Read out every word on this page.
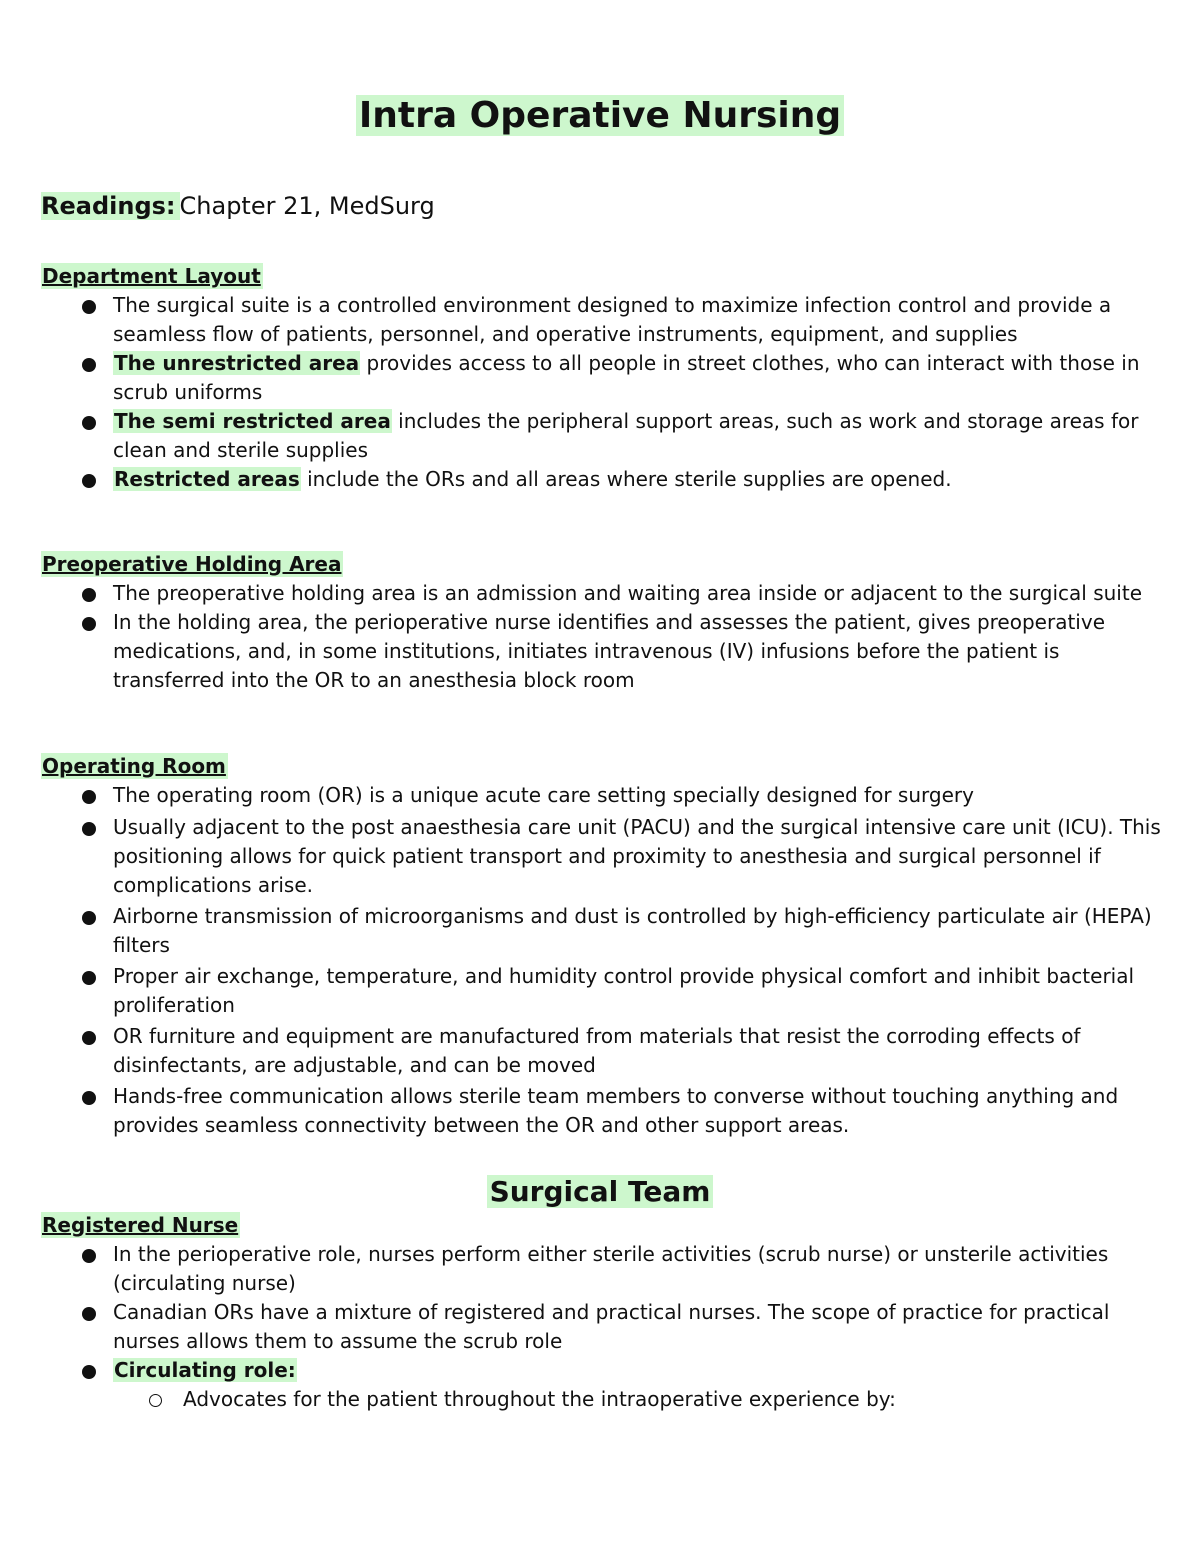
Intra Operative Nursing
Readings: Chapter 21, MedSurg
Department Layout
The surgical suite is a controlled environment designed to maximize infection control and provide a seamless flow of patients, personnel, and operative instruments, equipment, and supplies
The unrestricted area provides access to all people in street clothes, who can interact with those in scrub uniforms
The semi restricted area includes the peripheral support areas, such as work and storage areas for clean and sterile supplies
Restricted areas include the ORs and all areas where sterile supplies are opened.
Preoperative Holding Area
The preoperative holding area is an admission and waiting area inside or adjacent to the surgical suite
In the holding area, the perioperative nurse identifies and assesses the patient, gives preoperative medications, and, in some institutions, initiates intravenous (IV) infusions before the patient is transferred into the OR to an anesthesia block room
Operating Room
The operating room (OR) is a unique acute care setting specially designed for surgery
Usually adjacent to the post anaesthesia care unit (PACU) and the surgical intensive care unit (ICU). This positioning allows for quick patient transport and proximity to anesthesia and surgical personnel if complications arise.
Airborne transmission of microorganisms and dust is controlled by high-efficiency particulate air (HEPA) filters
Proper air exchange, temperature, and humidity control provide physical comfort and inhibit bacterial proliferation
OR furniture and equipment are manufactured from materials that resist the corroding effects of disinfectants, are adjustable, and can be moved
Hands-free communication allows sterile team members to converse without touching anything and provides seamless connectivity between the OR and other support areas.
Surgical Team
Registered Nurse
In the perioperative role, nurses perform either sterile activities (scrub nurse) or unsterile activities (circulating nurse)
Canadian ORs have a mixture of registered and practical nurses. The scope of practice for practical nurses allows them to assume the scrub role
Circulating role:
Advocates for the patient throughout the intraoperative experience by:
